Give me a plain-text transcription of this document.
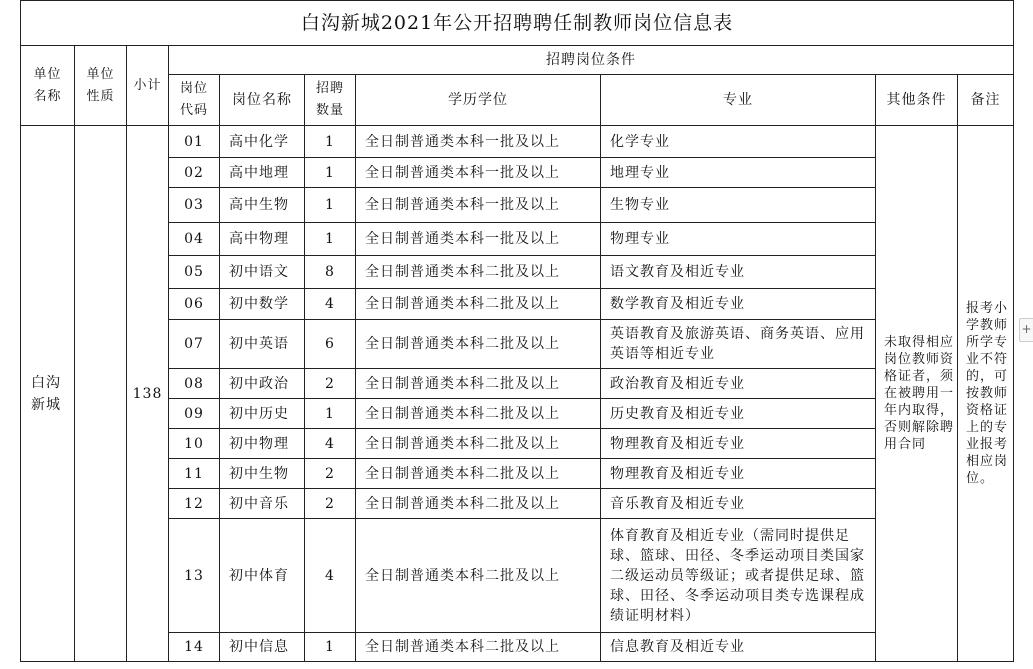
白沟新城2021年公开招聘聘任制教师岗位信息表									
单位名称	单位性质	小计	招聘岗位条件						
			岗位代码	岗位名称	招聘数量	学历学位	专业	其他条件	备注
白沟新城		138	01	高中化学	1	全日制普通类本科一批及以上	化学专业	未取得相应岗位教师资格证者，须在被聘用一年内取得，否则解除聘用合同	报考小学教师所学专业不符的，可按教师资格证上的专业报考相应岗位。
			02	高中地理	1	全日制普通类本科一批及以上	地理专业		
			03	高中生物	1	全日制普通类本科一批及以上	生物专业		
			04	高中物理	1	全日制普通类本科一批及以上	物理专业		
			05	初中语文	8	全日制普通类本科二批及以上	语文教育及相近专业		
			06	初中数学	4	全日制普通类本科二批及以上	数学教育及相近专业		
			07	初中英语	6	全日制普通类本科二批及以上	英语教育及旅游英语、商务英语、应用英语等相近专业		
			08	初中政治	2	全日制普通类本科二批及以上	政治教育及相近专业		
			09	初中历史	1	全日制普通类本科二批及以上	历史教育及相近专业		
			10	初中物理	4	全日制普通类本科二批及以上	物理教育及相近专业		
			11	初中生物	2	全日制普通类本科二批及以上	物理教育及相近专业		
			12	初中音乐	2	全日制普通类本科二批及以上	音乐教育及相近专业		
			13	初中体育	4	全日制普通类本科二批及以上	体育教育及相近专业（需同时提供足球、篮球、田径、冬季运动项目类国家二级运动员等级证；或者提供足球、篮球、田径、冬季运动项目类专选课程成绩证明材料）		
			14	初中信息	1	全日制普通类本科二批及以上	信息教育及相近专业		
+
